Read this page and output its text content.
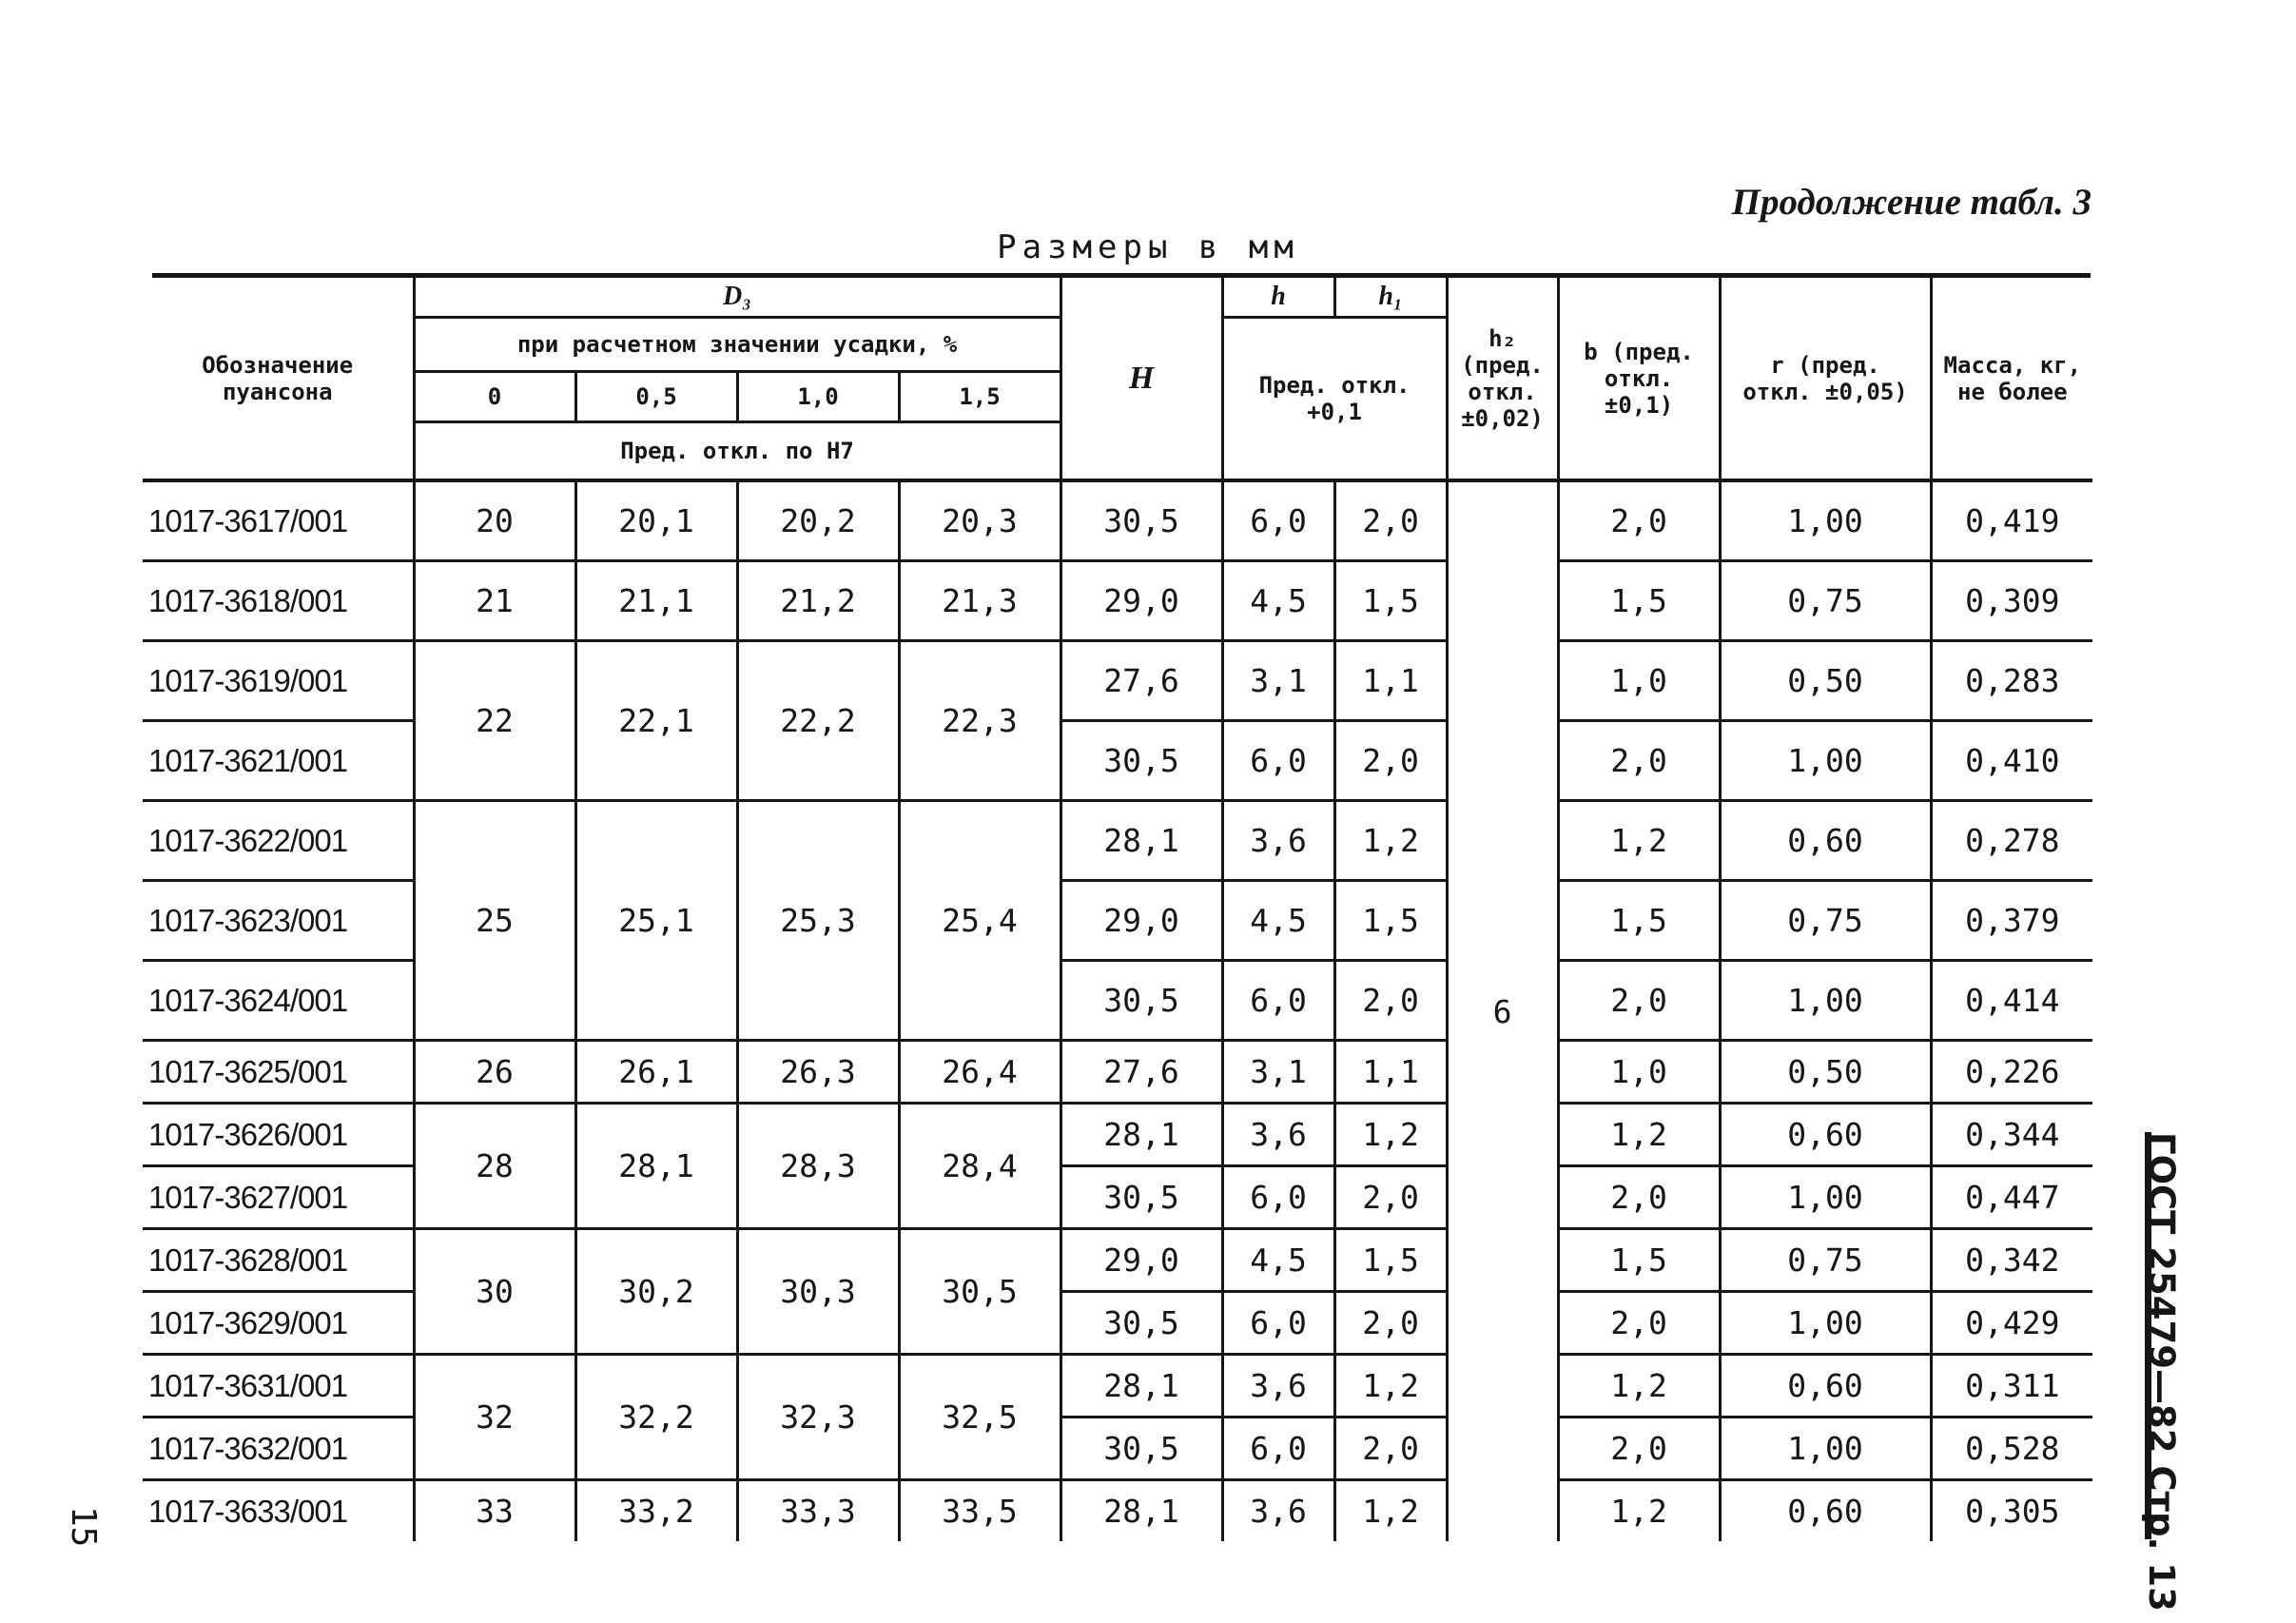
Продолжение табл. 3
Размеры в мм
Обозначение пуансона	D₃				H	h	h₁	h₂ (пред. откл. ±0,02)	b (пред. откл. ±0,1)	r (пред. откл. ±0,05)	Масса, кг, не более
	при расчетном значении усадки, %					Пред. откл. +0,1					
	0	0,5	1,0	1,5							
	Пред. откл. по Н7										
1017-3617/001	20	20,1	20,2	20,3	30,5	6,0	2,0	6	2,0	1,00	0,419
1017-3618/001	21	21,1	21,2	21,3	29,0	4,5	1,5		1,5	0,75	0,309
1017-3619/001	22	22,1	22,2	22,3	27,6	3,1	1,1		1,0	0,50	0,283
1017-3621/001					30,5	6,0	2,0		2,0	1,00	0,410
1017-3622/001	25	25,1	25,3	25,4	28,1	3,6	1,2		1,2	0,60	0,278
1017-3623/001					29,0	4,5	1,5		1,5	0,75	0,379
1017-3624/001					30,5	6,0	2,0		2,0	1,00	0,414
1017-3625/001	26	26,1	26,3	26,4	27,6	3,1	1,1		1,0	0,50	0,226
1017-3626/001	28	28,1	28,3	28,4	28,1	3,6	1,2		1,2	0,60	0,344
1017-3627/001					30,5	6,0	2,0		2,0	1,00	0,447
1017-3628/001	30	30,2	30,3	30,5	29,0	4,5	1,5		1,5	0,75	0,342
1017-3629/001					30,5	6,0	2,0		2,0	1,00	0,429
1017-3631/001	32	32,2	32,3	32,5	28,1	3,6	1,2		1,2	0,60	0,311
1017-3632/001					30,5	6,0	2,0		2,0	1,00	0,528
1017-3633/001	33	33,2	33,3	33,5	28,1	3,6	1,2		1,2	0,60	0,305 ГОСТ 25479—82 Стр. 13
15
